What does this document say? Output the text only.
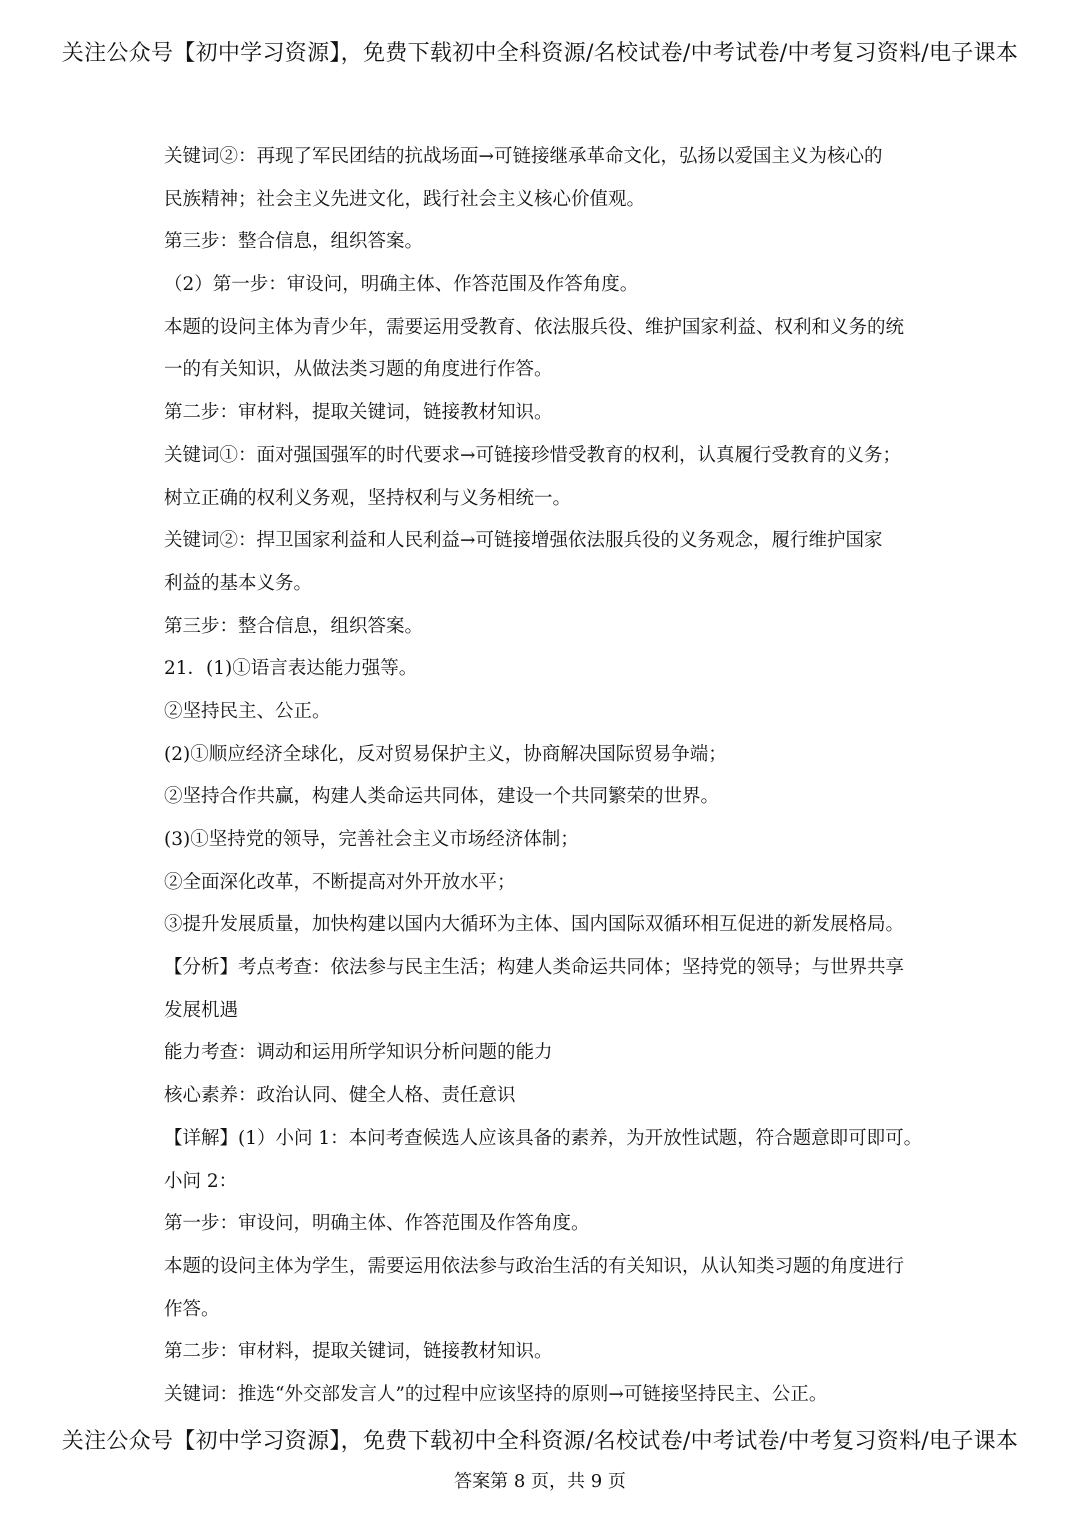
关注公众号【初中学习资源】，免费下载初中全科资源/名校试卷/中考试卷/中考复习资料/电子课本
关键词②：再现了军民团结的抗战场面→可链接继承革命文化，弘扬以爱国主义为核心的
民族精神；社会主义先进文化，践行社会主义核心价值观。
第三步：整合信息，组织答案。
（2）第一步：审设问，明确主体、作答范围及作答角度。
本题的设问主体为青少年，需要运用受教育、依法服兵役、维护国家利益、权利和义务的统
一的有关知识，从做法类习题的角度进行作答。
第二步：审材料，提取关键词，链接教材知识。
关键词①：面对强国强军的时代要求→可链接珍惜受教育的权利，认真履行受教育的义务；
树立正确的权利义务观，坚持权利与义务相统一。
关键词②：捍卫国家利益和人民利益→可链接增强依法服兵役的义务观念，履行维护国家
利益的基本义务。
第三步：整合信息，组织答案。
21．(1)①语言表达能力强等。
②坚持民主、公正。
(2)①顺应经济全球化，反对贸易保护主义，协商解决国际贸易争端；
②坚持合作共赢，构建人类命运共同体，建设一个共同繁荣的世界。
(3)①坚持党的领导，完善社会主义市场经济体制；
②全面深化改革，不断提高对外开放水平；
③提升发展质量，加快构建以国内大循环为主体、国内国际双循环相互促进的新发展格局。
【分析】考点考查：依法参与民主生活；构建人类命运共同体；坚持党的领导；与世界共享
发展机遇
能力考查：调动和运用所学知识分析问题的能力
核心素养：政治认同、健全人格、责任意识
【详解】(1）小问 1：本问考查候选人应该具备的素养，为开放性试题，符合题意即可即可。
小问 2：
第一步：审设问，明确主体、作答范围及作答角度。
本题的设问主体为学生，需要运用依法参与政治生活的有关知识，从认知类习题的角度进行
作答。
第二步：审材料，提取关键词，链接教材知识。
关键词：推选“外交部发言人”的过程中应该坚持的原则→可链接坚持民主、公正。
关注公众号【初中学习资源】，免费下载初中全科资源/名校试卷/中考试卷/中考复习资料/电子课本
答案第 8 页，共 9 页
